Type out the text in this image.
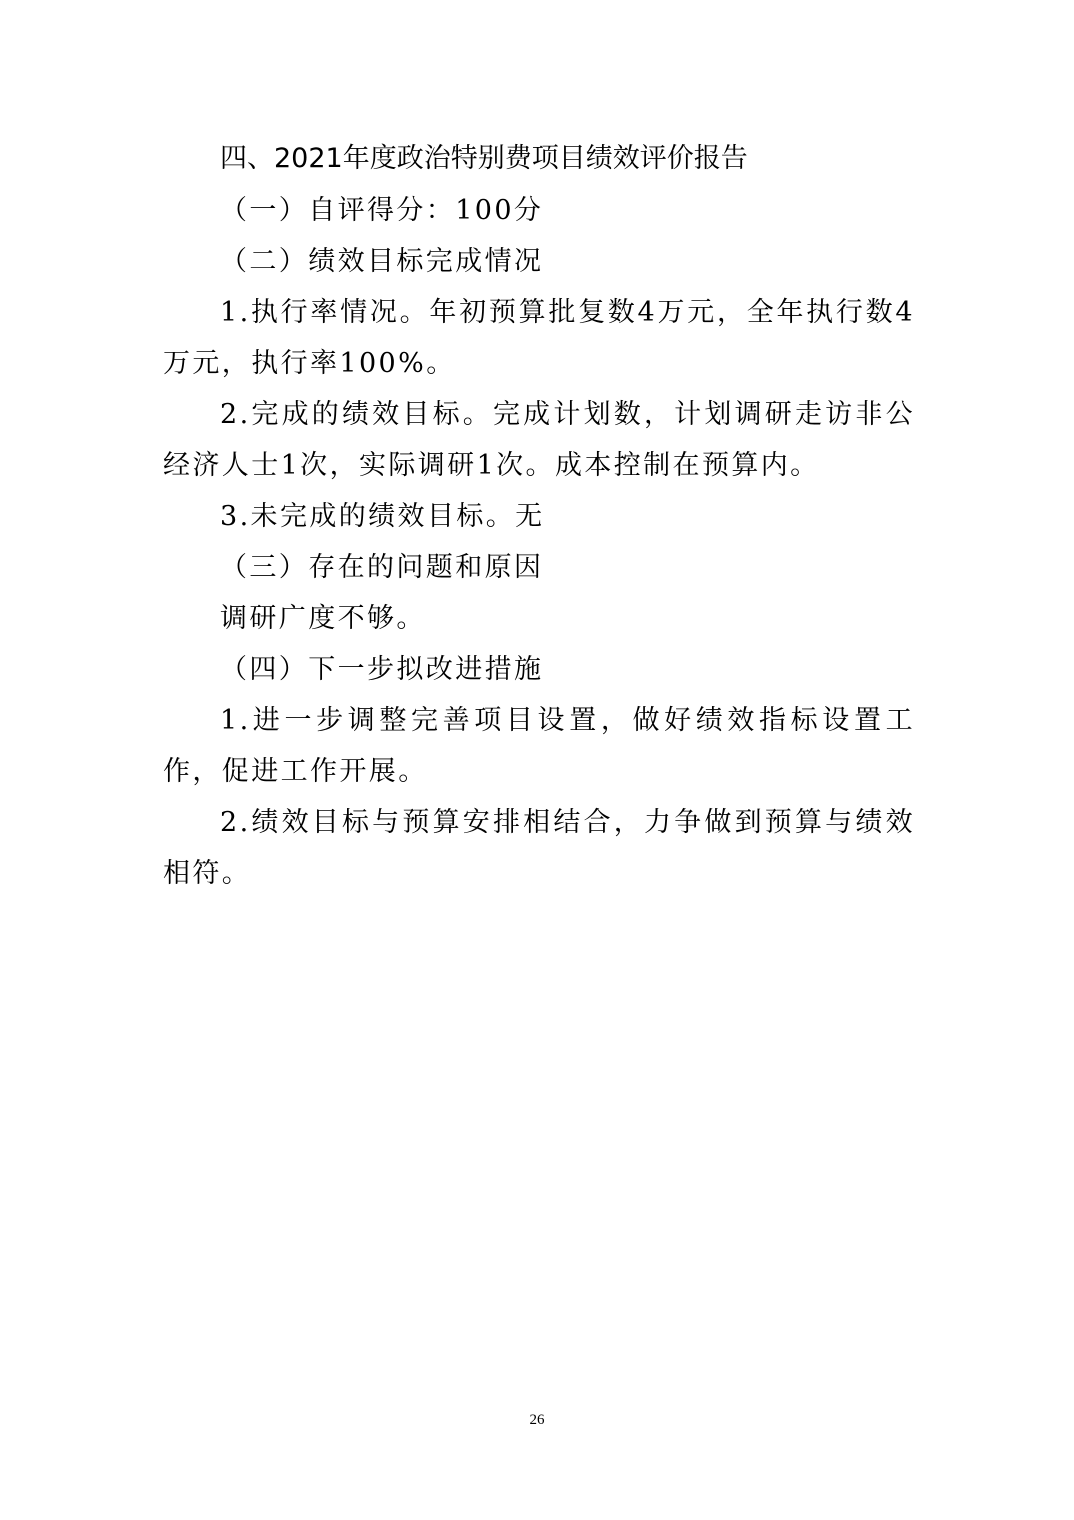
四、2021年度政治特别费项目绩效评价报告

（一）自评得分：100分

（二）绩效目标完成情况

1.执行率情况。年初预算批复数4万元，全年执行数4万元，执行率100%。

2.完成的绩效目标。完成计划数，计划调研走访非公经济人士1次，实际调研1次。成本控制在预算内。

3.未完成的绩效目标。无

（三）存在的问题和原因

调研广度不够。

（四）下一步拟改进措施

1.进一步调整完善项目设置，做好绩效指标设置工作，促进工作开展。

2.绩效目标与预算安排相结合，力争做到预算与绩效相符。

26
